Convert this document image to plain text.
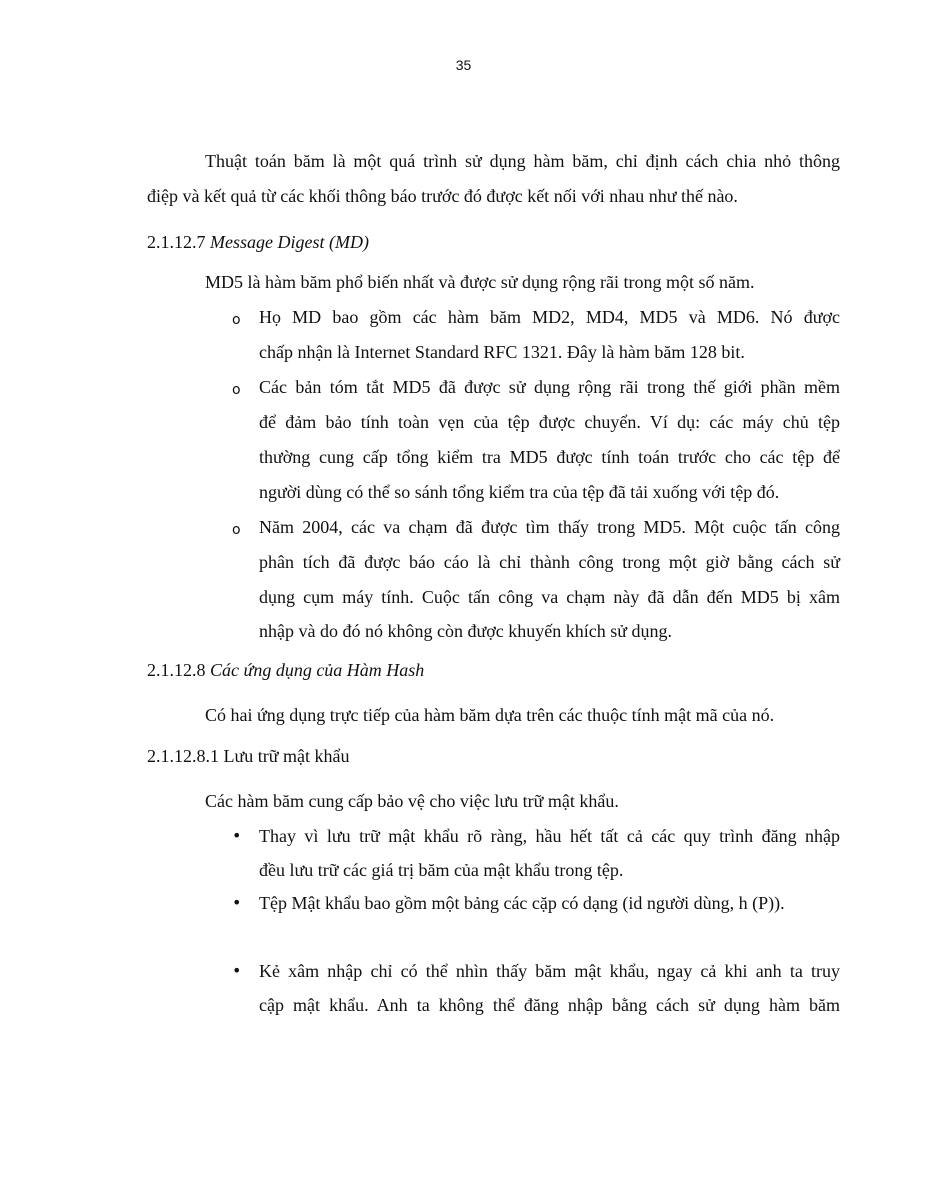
35
Thuật toán băm là một quá trình sử dụng hàm băm, chỉ định cách chia nhỏ thông
điệp và kết quả từ các khối thông báo trước đó được kết nối với nhau như thế nào.
2.1.12.7 Message Digest (MD)
MD5 là hàm băm phổ biến nhất và được sử dụng rộng rãi trong một số năm.
o Họ MD bao gồm các hàm băm MD2, MD4, MD5 và MD6. Nó được
chấp nhận là Internet Standard RFC 1321. Đây là hàm băm 128 bit.
o Các bản tóm tắt MD5 đã được sử dụng rộng rãi trong thế giới phần mềm
để đảm bảo tính toàn vẹn của tệp được chuyển. Ví dụ: các máy chủ tệp
thường cung cấp tổng kiểm tra MD5 được tính toán trước cho các tệp để
người dùng có thể so sánh tổng kiểm tra của tệp đã tải xuống với tệp đó.
o Năm 2004, các va chạm đã được tìm thấy trong MD5. Một cuộc tấn công
phân tích đã được báo cáo là chỉ thành công trong một giờ bằng cách sử
dụng cụm máy tính. Cuộc tấn công va chạm này đã dẫn đến MD5 bị xâm
nhập và do đó nó không còn được khuyến khích sử dụng.
2.1.12.8 Các ứng dụng của Hàm Hash
Có hai ứng dụng trực tiếp của hàm băm dựa trên các thuộc tính mật mã của nó.
2.1.12.8.1 Lưu trữ mật khẩu
Các hàm băm cung cấp bảo vệ cho việc lưu trữ mật khẩu.
• Thay vì lưu trữ mật khẩu rõ ràng, hầu hết tất cả các quy trình đăng nhập
đều lưu trữ các giá trị băm của mật khẩu trong tệp.
• Tệp Mật khẩu bao gồm một bảng các cặp có dạng (id người dùng, h (P)).
• Kẻ xâm nhập chỉ có thể nhìn thấy băm mật khẩu, ngay cả khi anh ta truy
cập mật khẩu. Anh ta không thể đăng nhập bằng cách sử dụng hàm băm
